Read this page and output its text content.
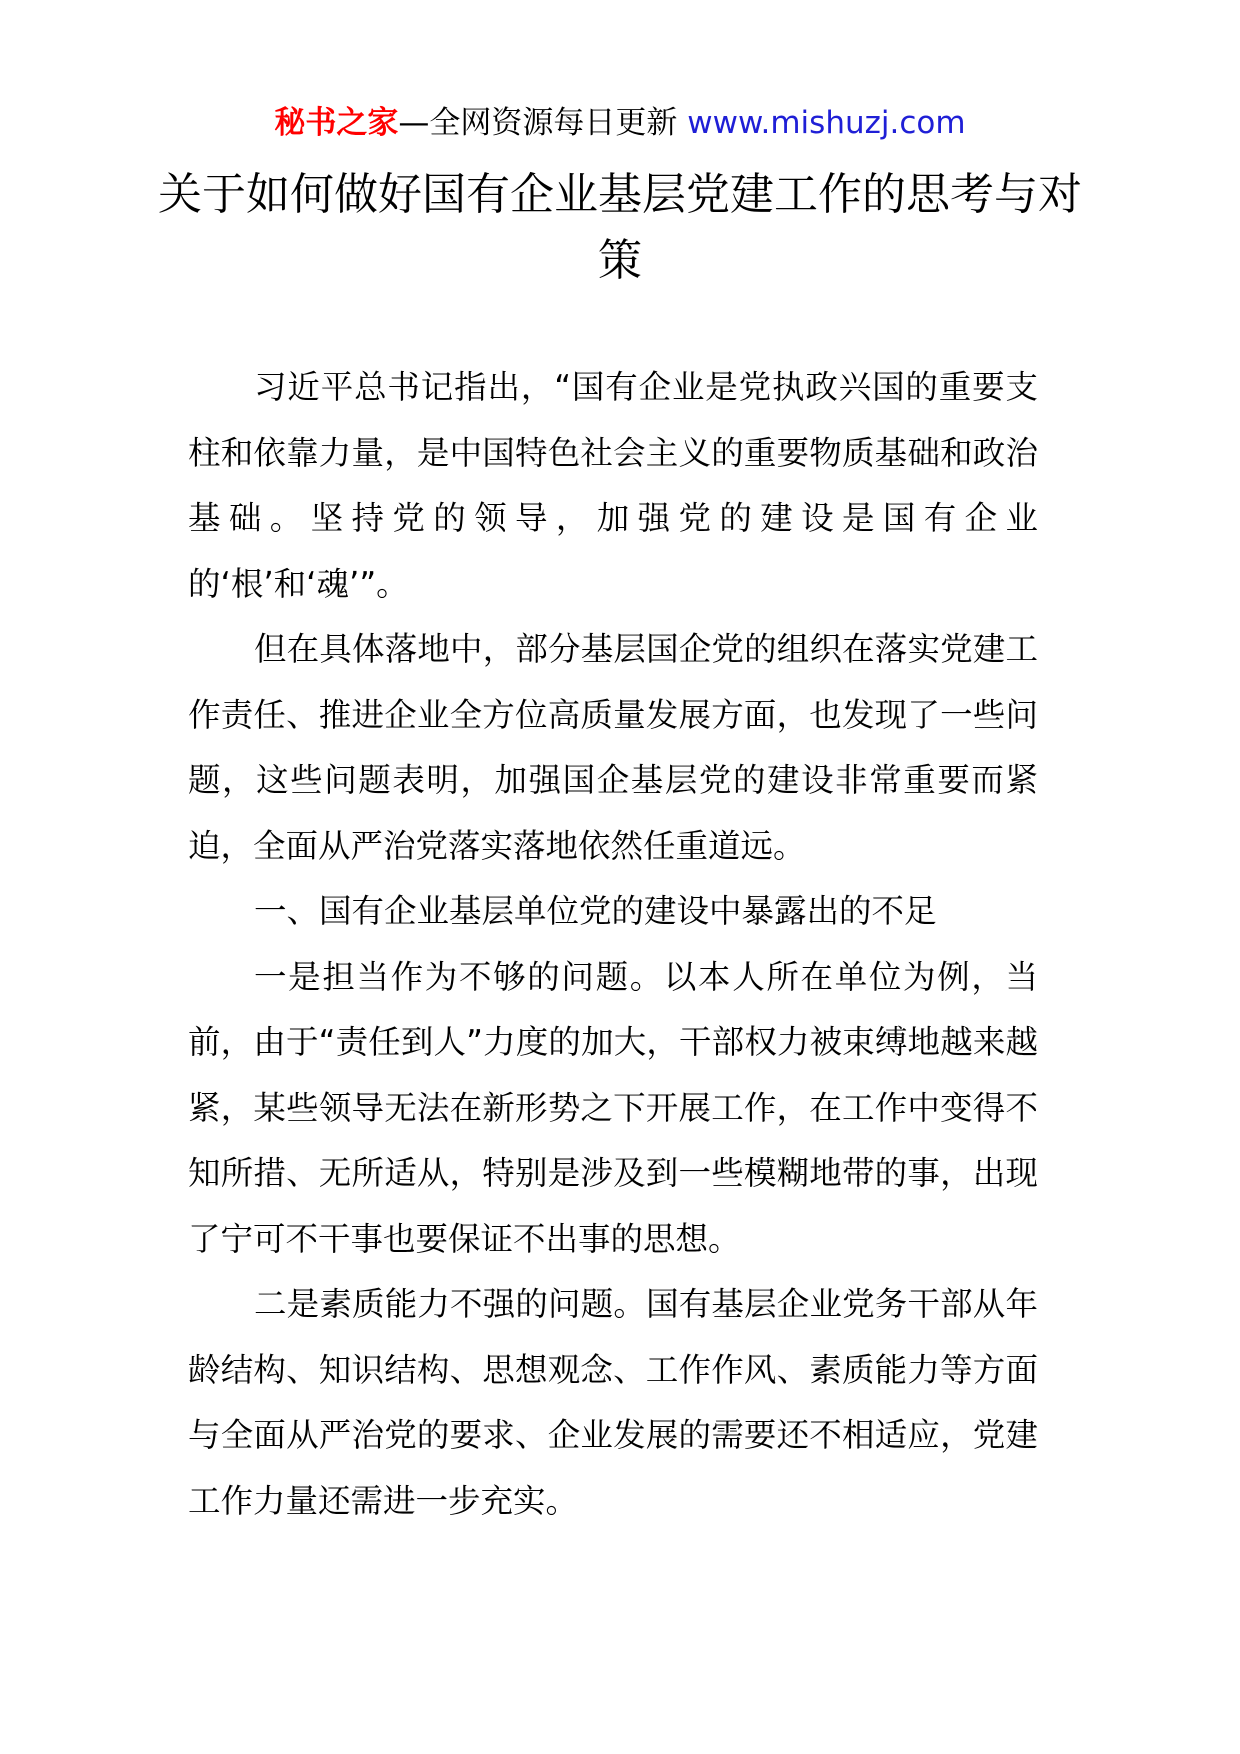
秘书之家—全网资源每日更新 www.mishuzj.com
关于如何做好国有企业基层党建工作的思考与对策

习近平总书记指出，“国有企业是党执政兴国的重要支柱和依靠力量，是中国特色社会主义的重要物质基础和政治基础。坚持党的领导，加强党的建设是国有企业的‘根’和‘魂’”。

但在具体落地中，部分基层国企党的组织在落实党建工作责任、推进企业全方位高质量发展方面，也发现了一些问题，这些问题表明，加强国企基层党的建设非常重要而紧迫，全面从严治党落实落地依然任重道远。

一、国有企业基层单位党的建设中暴露出的不足

一是担当作为不够的问题。以本人所在单位为例，当前，由于“责任到人”力度的加大，干部权力被束缚地越来越紧，某些领导无法在新形势之下开展工作，在工作中变得不知所措、无所适从，特别是涉及到一些模糊地带的事，出现了宁可不干事也要保证不出事的思想。

二是素质能力不强的问题。国有基层企业党务干部从年龄结构、知识结构、思想观念、工作作风、素质能力等方面与全面从严治党的要求、企业发展的需要还不相适应，党建工作力量还需进一步充实。
